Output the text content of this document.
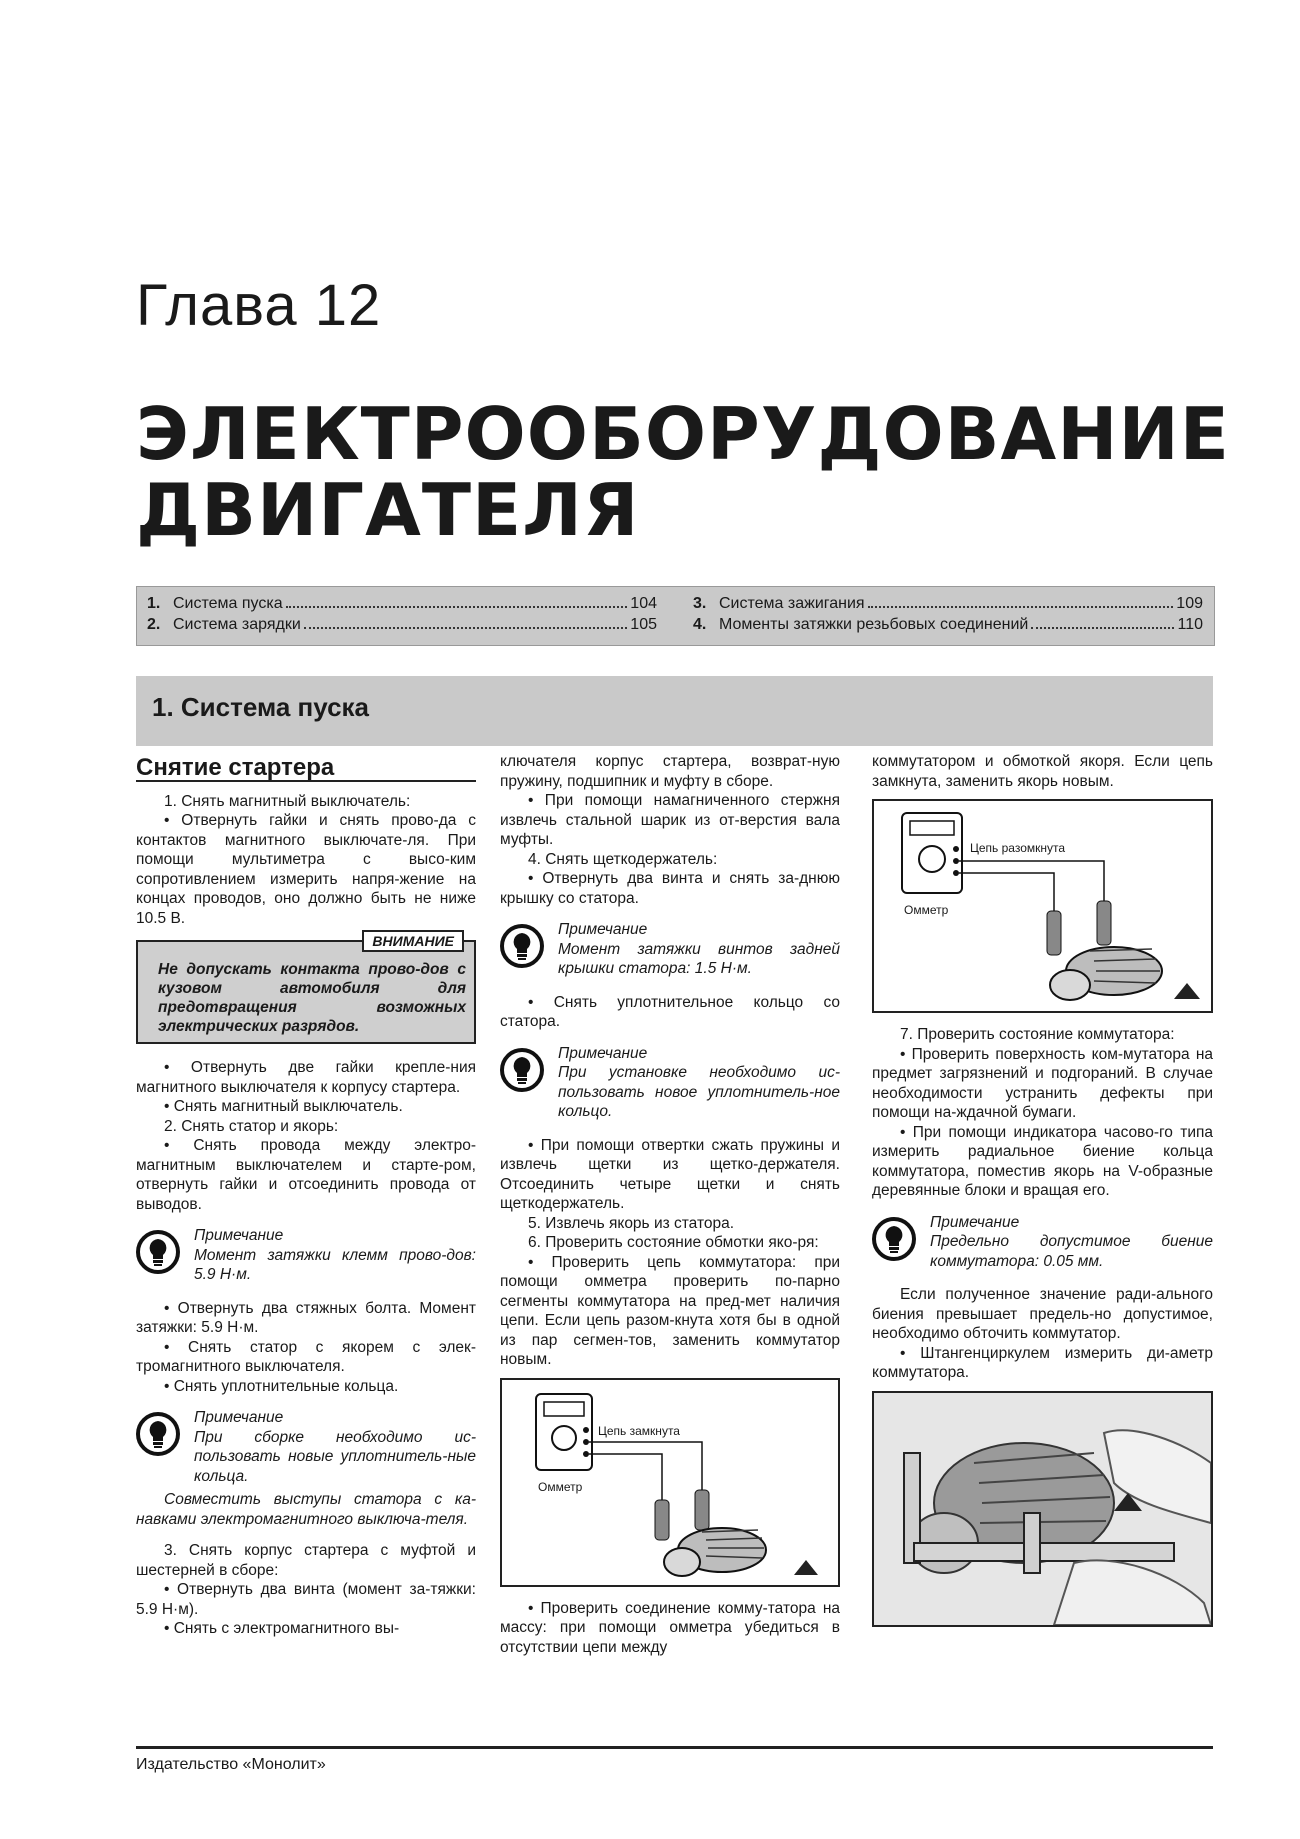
Глава 12
ЭЛЕКТРООБОРУДОВАНИЕ ДВИГАТЕЛЯ
1. Система пуска	104
2. Система зарядки	105
3. Система зажигания	109
4. Моменты затяжки резьбовых соединений	110
1. Система пуска
Снятие стартера

1. Снять магнитный выключатель:

• Отвернуть гайки и снять прово-да с контактов магнитного выключате-ля. При помощи мультиметра с высо-ким сопротивлением измерить напря-жение на концах проводов, оно должно быть не ниже 10.5 В.

ВНИМАНИЕ
Не допускать контакта прово-дов с кузовом автомобиля для предотвращения возможных электрических разрядов.

• Отвернуть две гайки крепле-ния магнитного выключателя к корпусу стартера.

• Снять магнитный выключатель.

2. Снять статор и якорь:

• Снять провода между электро-магнитным выключателем и стартe-ром, отвернуть гайки и отсоединить провода от выводов.

Примечание
Момент затяжки клемм прово-дов: 5.9 Н·м.

• Отвернуть два стяжных болта. Момент затяжки: 5.9 Н·м.

• Снять статор с якорем с элек-тромагнитного выключателя.

• Снять уплотнительные кольца.

Примечание
При сборке необходимо ис-пользовать новые уплотнитель-ные кольца.

Совместить выступы статора с ка-навками электромагнитного выключа-теля.

3. Снять корпус стартера с муфтой и шестерней в сборе:

• Отвернуть два винта (момент за-тяжки: 5.9 Н·м).

• Снять с электромагнитного вы-

ключателя корпус стартера, возврат-ную пружину, подшипник и муфту в сборе.

• При помощи намагниченного стержня извлечь стальной шарик из от-верстия вала муфты.

4. Снять щеткодержатель:

• Отвернуть два винта и снять за-днюю крышку со статора.

Примечание
Момент затяжки винтов задней крышки статора: 1.5 Н·м.

• Снять уплотнительное кольцо со статора.

Примечание
При установке необходимо ис-пользовать новое уплотнитель-ное кольцо.

• При помощи отвертки сжать пружины и извлечь щетки из щетко-держателя. Отсоединить четыре щетки и снять щеткодержатель.

5. Извлечь якорь из статора.

6. Проверить состояние обмотки яко-ря:

• Проверить цепь коммутатора: при помощи омметра проверить по-парно сегменты коммутатора на пред-мет наличия цепи. Если цепь разом-кнута хотя бы в одной из пар сегмен-тов, заменить коммутатор новым.

Цепь замкнута
Омметр

• Проверить соединение комму-татора на массу: при помощи омметра убедиться в отсутствии цепи между

коммутатором и обмоткой якоря. Если цепь замкнута, заменить якорь новым.

Цепь разомкнута
Омметр

7. Проверить состояние коммутатора:

• Проверить поверхность ком-мутатора на предмет загрязнений и подгораний. В случае необходимости устранить дефекты при помощи на-ждачной бумаги.

• При помощи индикатора часово-го типа измерить радиальное биение кольца коммутатора, поместив якорь на V-образные деревянные блоки и вращая его.

Примечание
Предельно допустимое биение коммутатора: 0.05 мм.

Если полученное значение ради-ального биения превышает предель-но допустимое, необходимо обточить коммутатор.

• Штангенциркулем измерить ди-аметр коммутатора.

Издательство «Монолит»
